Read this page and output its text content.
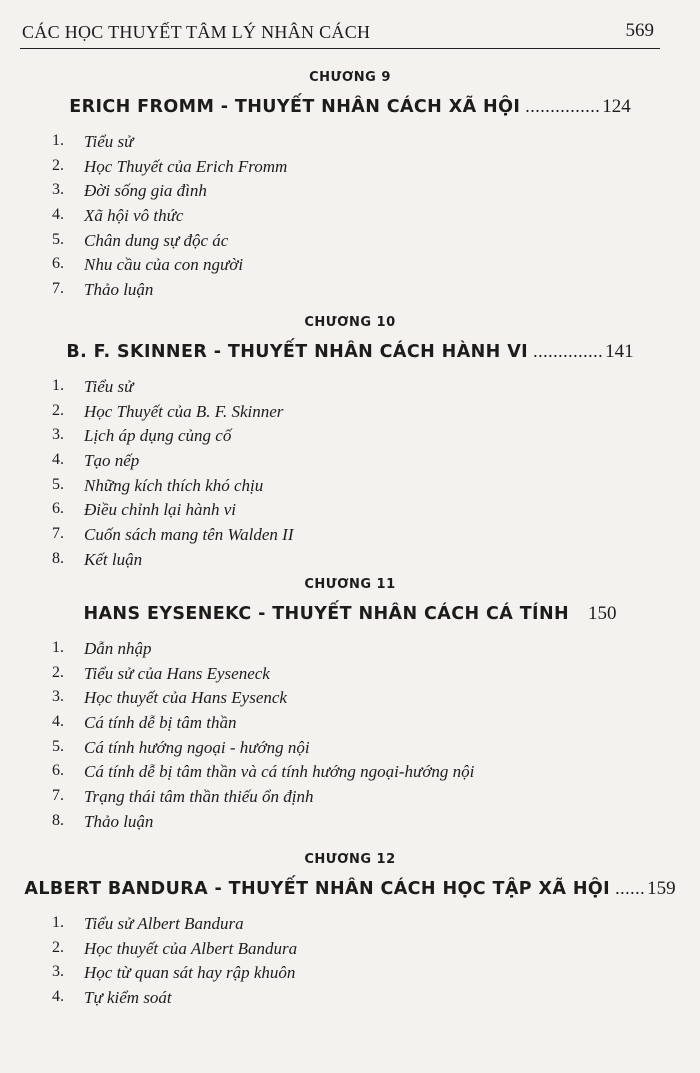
CÁC HỌC THUYẾT TÂM LÝ NHÂN CÁCH	569
CHƯƠNG 9
ERICH FROMM - THUYẾT NHÂN CÁCH XÃ HỘI ............... 124
1. Tiểu sử
2. Học Thuyết của Erich Fromm
3. Đời sống gia đình
4. Xã hội vô thức
5. Chân dung sự độc ác
6. Nhu cầu của con người
7. Thảo luận
CHƯƠNG 10
B. F. SKINNER - THUYẾT NHÂN CÁCH HÀNH VI .............. 141
1. Tiểu sử
2. Học Thuyết của B. F. Skinner
3. Lịch áp dụng củng cố
4. Tạo nếp
5. Những kích thích khó chịu
6. Điều chỉnh lại hành vi
7. Cuốn sách mang tên Walden II
8. Kết luận
CHƯƠNG 11
HANS EYSENEKC - THUYẾT NHÂN CÁCH CÁ TÍNH 150
1. Dẫn nhập
2. Tiểu sử của Hans Eyseneck
3. Học thuyết của Hans Eysenck
4. Cá tính dễ bị tâm thần
5. Cá tính hướng ngoại - hướng nội
6. Cá tính dễ bị tâm thần và cá tính hướng ngoại-hướng nội
7. Trạng thái tâm thần thiếu ổn định
8. Thảo luận
CHƯƠNG 12
ALBERT BANDURA - THUYẾT NHÂN CÁCH HỌC TẬP XÃ HỘI ...... 159
1. Tiểu sử Albert Bandura
2. Học thuyết của Albert Bandura
3. Học từ quan sát hay rập khuôn
4. Tự kiểm soát
